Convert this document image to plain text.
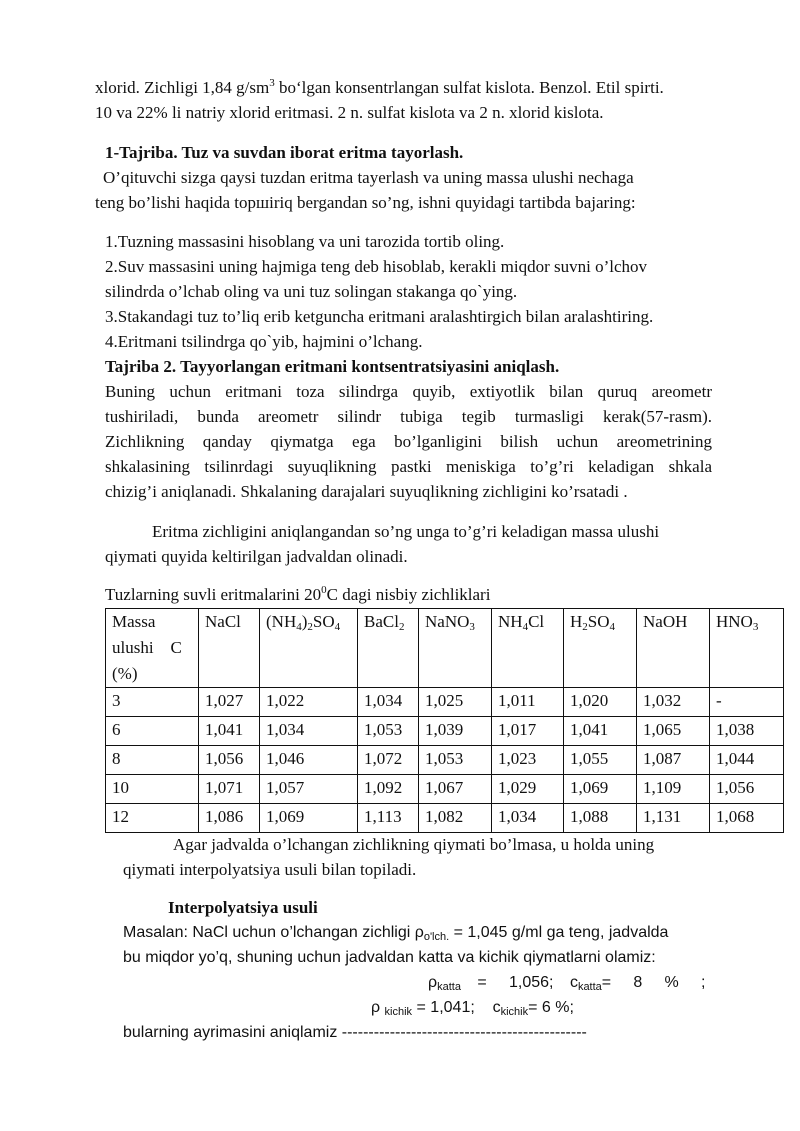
xlorid. Zichligi 1,84 $g/sm^3$ bo‘lgan konsentrlangan sulfat kislota. Benzol. Etil spirti.
10 va 22% li natriy xlorid eritmasi. 2 n. sulfat kislota va 2 n. xlorid kislota.
1-Tajriba. Tuz va suvdan iborat eritma tayorlash.
O’qituvchi sizga qaysi tuzdan eritma tayerlash va uning massa ulushi nechaga
teng bo’lishi haqida topшiriq bergandan so’ng, ishni quyidagi tartibda bajaring:
1.Tuzning massasini hisoblang va uni tarozida tortib oling.
2.Suv massasini uning hajmiga teng deb hisoblab, kerakli miqdor suvni o’lchov
silindrda o’lchab oling va uni tuz solingan stakanga qo`ying.
3.Stakandagi tuz to’liq erib ketguncha eritmani aralashtirgich bilan aralashtiring.
4.Eritmani tsilindrga qo`yib, hajmini o’lchang.
Tajriba 2. Tayyorlangan eritmani kontsentratsiyasini aniqlash.
Buning uchun eritmani toza silindrga quyib, extiyotlik bilan quruq areometr
tushiriladi, bunda areometr silindr tubiga tegib turmasligi kerak(57-rasm).
Zichlikning qanday qiymatga ega bo’lganligini bilish uchun areometrining
shkalasining tsilinrdagi suyuqlikning pastki meniskiga to’g’ri keladigan shkala
chizig’i aniqlanadi. Shkalaning darajalari suyuqlikning zichligini ko’rsatadi .
Eritma zichligini aniqlangandan so’ng unga to’g’ri keladigan massa ulushi
qiymati quyida keltirilgan jadvaldan olinadi.
Tuzlarning suvli eritmalarini $20^0C$ dagi nisbiy zichliklari
Massa
ulushi    C
(%)	NaCl	$(NH_4)_2SO_4$	BaCl$_2$	NaNO$_3$	$NH_4Cl$	$H_2SO_4$	NaOH	$HNO_3$
3	1,027	1,022	1,034	1,025	1,011	1,020	1,032	-
6	1,041	1,034	1,053	1,039	1,017	1,041	1,065	1,038
8	1,056	1,046	1,072	1,053	1,023	1,055	1,087	1,044
10	1,071	1,057	1,092	1,067	1,029	1,069	1,109	1,056
12	1,086	1,069	1,113	1,082	1,034	1,088	1,131	1,068
Agar jadvalda o’lchangan zichlikning qiymati bo’lmasa, u holda uning
qiymati interpolyatsiya usuli bilan topiladi.
Interpolyatsiya usuli
Masalan: NaCl uchun o’lchangan zichligi $\rho_{o'lch.} = 1,045$ g/ml ga teng, jadvalda
bu miqdor yo’q, shuning uchun jadvaldan katta va kichik qiymatlarni olamiz:
$\rho_{katta}$ =     1,056; $c_{katta}=$     8     %     ;
ρ $_{kichik}$ = 1,041;    $c_{kichik}= 6$ %;
bularning ayrimasini aniqlamiz ----------------------------------------------
